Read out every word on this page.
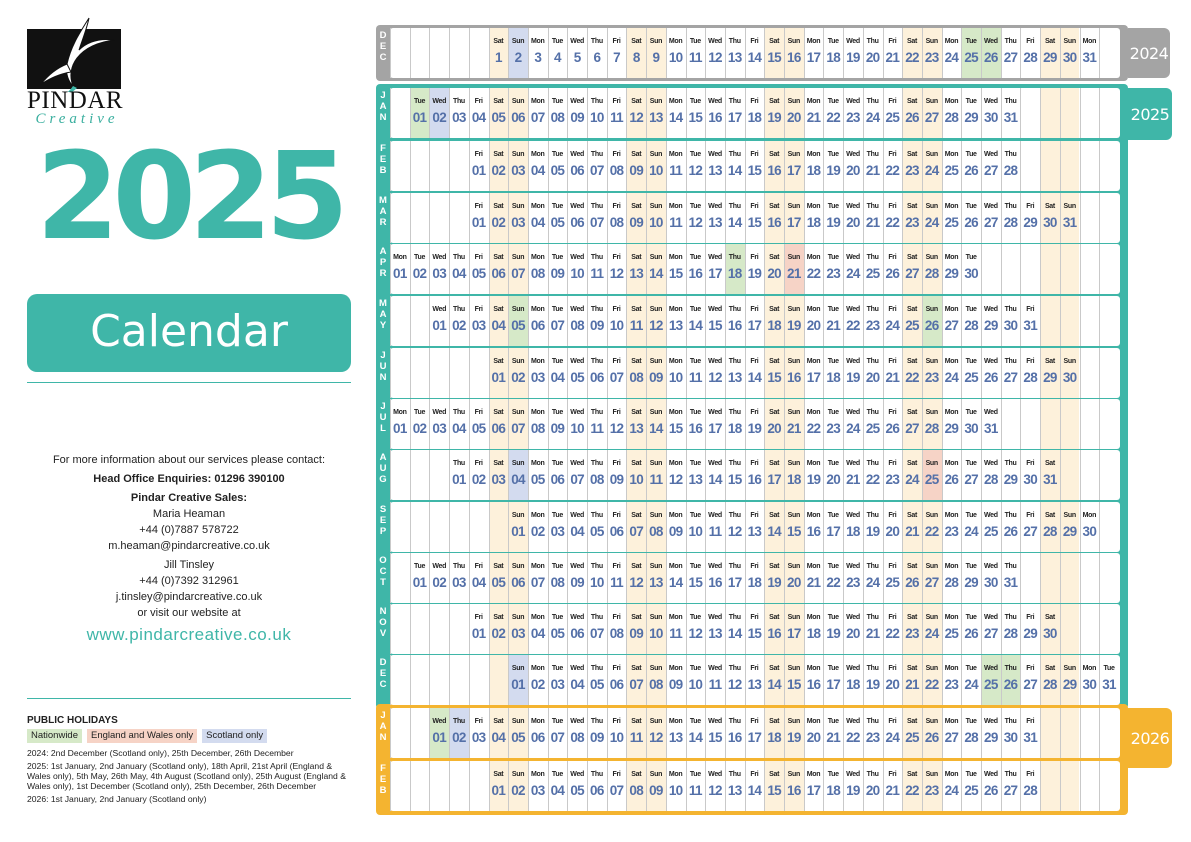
PINDAR
Creative
2025
Calendar
For more information about our services please contact:
Head Office Enquiries: 01296 390100
Pindar Creative Sales:
Maria Heaman
+44 (0)7887 578722
m.heaman@pindarcreative.co.uk
Jill Tinsley
+44 (0)7392 312961
j.tinsley@pindarcreative.co.uk
or visit our website at
www.pindarcreative.co.uk
PUBLIC HOLIDAYS
Nationwide	England and Wales only	Scotland only
2024: 2nd December (Scotland only), 25th December, 26th December
2025: 1st January, 2nd January (Scotland only), 18th April, 21st April (England & Wales only), 5th May, 26th May, 4th August (Scotland only), 25th August (England & Wales only), 1st December (Scotland only), 25th December, 26th December
2026: 1st January, 2nd January (Scotland only)
2024
2025
2026
D
E
C
Sat
1
Sun
2
Mon
3
Tue
4
Wed
5
Thu
6
Fri
7
Sat
8
Sun
9
Mon
10
Tue
11
Wed
12
Thu
13
Fri
14
Sat
15
Sun
16
Mon
17
Tue
18
Wed
19
Thu
20
Fri
21
Sat
22
Sun
23
Mon
24
Tue
25
Wed
26
Thu
27
Fri
28
Sat
29
Sun
30
Mon
31
J
A
N
Tue
01
Wed
02
Thu
03
Fri
04
Sat
05
Sun
06
Mon
07
Tue
08
Wed
09
Thu
10
Fri
11
Sat
12
Sun
13
Mon
14
Tue
15
Wed
16
Thu
17
Fri
18
Sat
19
Sun
20
Mon
21
Tue
22
Wed
23
Thu
24
Fri
25
Sat
26
Sun
27
Mon
28
Tue
29
Wed
30
Thu
31
F
E
B
Fri
01
Sat
02
Sun
03
Mon
04
Tue
05
Wed
06
Thu
07
Fri
08
Sat
09
Sun
10
Mon
11
Tue
12
Wed
13
Thu
14
Fri
15
Sat
16
Sun
17
Mon
18
Tue
19
Wed
20
Thu
21
Fri
22
Sat
23
Sun
24
Mon
25
Tue
26
Wed
27
Thu
28
M
A
R
Fri
01
Sat
02
Sun
03
Mon
04
Tue
05
Wed
06
Thu
07
Fri
08
Sat
09
Sun
10
Mon
11
Tue
12
Wed
13
Thu
14
Fri
15
Sat
16
Sun
17
Mon
18
Tue
19
Wed
20
Thu
21
Fri
22
Sat
23
Sun
24
Mon
25
Tue
26
Wed
27
Thu
28
Fri
29
Sat
30
Sun
31
A
P
R
Mon
01
Tue
02
Wed
03
Thu
04
Fri
05
Sat
06
Sun
07
Mon
08
Tue
09
Wed
10
Thu
11
Fri
12
Sat
13
Sun
14
Mon
15
Tue
16
Wed
17
Thu
18
Fri
19
Sat
20
Sun
21
Mon
22
Tue
23
Wed
24
Thu
25
Fri
26
Sat
27
Sun
28
Mon
29
Tue
30
M
A
Y
Wed
01
Thu
02
Fri
03
Sat
04
Sun
05
Mon
06
Tue
07
Wed
08
Thu
09
Fri
10
Sat
11
Sun
12
Mon
13
Tue
14
Wed
15
Thu
16
Fri
17
Sat
18
Sun
19
Mon
20
Tue
21
Wed
22
Thu
23
Fri
24
Sat
25
Sun
26
Mon
27
Tue
28
Wed
29
Thu
30
Fri
31
J
U
N
Sat
01
Sun
02
Mon
03
Tue
04
Wed
05
Thu
06
Fri
07
Sat
08
Sun
09
Mon
10
Tue
11
Wed
12
Thu
13
Fri
14
Sat
15
Sun
16
Mon
17
Tue
18
Wed
19
Thu
20
Fri
21
Sat
22
Sun
23
Mon
24
Tue
25
Wed
26
Thu
27
Fri
28
Sat
29
Sun
30
J
U
L
Mon
01
Tue
02
Wed
03
Thu
04
Fri
05
Sat
06
Sun
07
Mon
08
Tue
09
Wed
10
Thu
11
Fri
12
Sat
13
Sun
14
Mon
15
Tue
16
Wed
17
Thu
18
Fri
19
Sat
20
Sun
21
Mon
22
Tue
23
Wed
24
Thu
25
Fri
26
Sat
27
Sun
28
Mon
29
Tue
30
Wed
31
A
U
G
Thu
01
Fri
02
Sat
03
Sun
04
Mon
05
Tue
06
Wed
07
Thu
08
Fri
09
Sat
10
Sun
11
Mon
12
Tue
13
Wed
14
Thu
15
Fri
16
Sat
17
Sun
18
Mon
19
Tue
20
Wed
21
Thu
22
Fri
23
Sat
24
Sun
25
Mon
26
Tue
27
Wed
28
Thu
29
Fri
30
Sat
31
S
E
P
Sun
01
Mon
02
Tue
03
Wed
04
Thu
05
Fri
06
Sat
07
Sun
08
Mon
09
Tue
10
Wed
11
Thu
12
Fri
13
Sat
14
Sun
15
Mon
16
Tue
17
Wed
18
Thu
19
Fri
20
Sat
21
Sun
22
Mon
23
Tue
24
Wed
25
Thu
26
Fri
27
Sat
28
Sun
29
Mon
30
O
C
T
Tue
01
Wed
02
Thu
03
Fri
04
Sat
05
Sun
06
Mon
07
Tue
08
Wed
09
Thu
10
Fri
11
Sat
12
Sun
13
Mon
14
Tue
15
Wed
16
Thu
17
Fri
18
Sat
19
Sun
20
Mon
21
Tue
22
Wed
23
Thu
24
Fri
25
Sat
26
Sun
27
Mon
28
Tue
29
Wed
30
Thu
31
N
O
V
Fri
01
Sat
02
Sun
03
Mon
04
Tue
05
Wed
06
Thu
07
Fri
08
Sat
09
Sun
10
Mon
11
Tue
12
Wed
13
Thu
14
Fri
15
Sat
16
Sun
17
Mon
18
Tue
19
Wed
20
Thu
21
Fri
22
Sat
23
Sun
24
Mon
25
Tue
26
Wed
27
Thu
28
Fri
29
Sat
30
D
E
C
Sun
01
Mon
02
Tue
03
Wed
04
Thu
05
Fri
06
Sat
07
Sun
08
Mon
09
Tue
10
Wed
11
Thu
12
Fri
13
Sat
14
Sun
15
Mon
16
Tue
17
Wed
18
Thu
19
Fri
20
Sat
21
Sun
22
Mon
23
Tue
24
Wed
25
Thu
26
Fri
27
Sat
28
Sun
29
Mon
30
Tue
31
J
A
N
Wed
01
Thu
02
Fri
03
Sat
04
Sun
05
Mon
06
Tue
07
Wed
08
Thu
09
Fri
10
Sat
11
Sun
12
Mon
13
Tue
14
Wed
15
Thu
16
Fri
17
Sat
18
Sun
19
Mon
20
Tue
21
Wed
22
Thu
23
Fri
24
Sat
25
Sun
26
Mon
27
Tue
28
Wed
29
Thu
30
Fri
31
F
E
B
Sat
01
Sun
02
Mon
03
Tue
04
Wed
05
Thu
06
Fri
07
Sat
08
Sun
09
Mon
10
Tue
11
Wed
12
Thu
13
Fri
14
Sat
15
Sun
16
Mon
17
Tue
18
Wed
19
Thu
20
Fri
21
Sat
22
Sun
23
Mon
24
Tue
25
Wed
26
Thu
27
Fri
28
